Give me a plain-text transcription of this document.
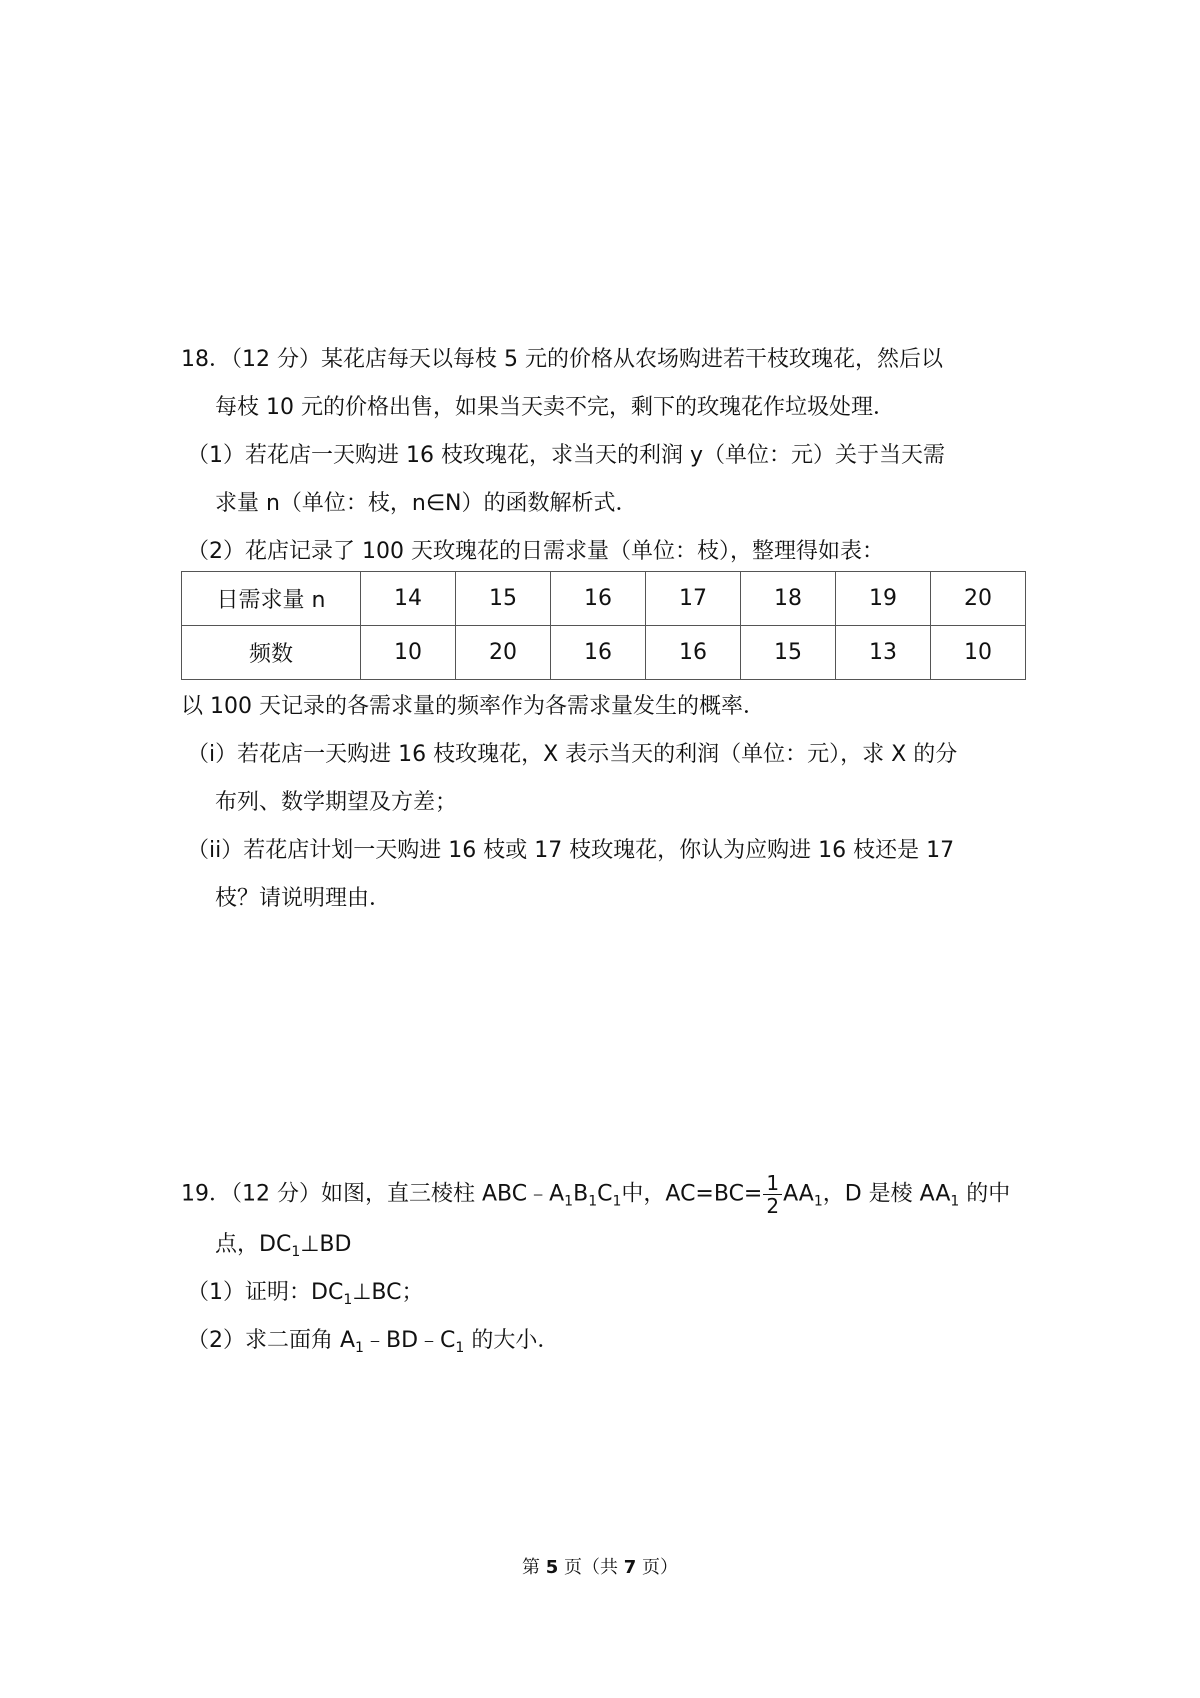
18．（12 分）某花店每天以每枝 5 元的价格从农场购进若干枝玫瑰花，然后以
每枝 10 元的价格出售，如果当天卖不完，剩下的玫瑰花作垃圾处理．
（1）若花店一天购进 16 枝玫瑰花，求当天的利润 y（单位：元）关于当天需
求量 n（单位：枝，n∈N）的函数解析式．
（2）花店记录了 100 天玫瑰花的日需求量（单位：枝），整理得如表：
日需求量 n	14	15	16	17	18	19	20
频数	10	20	16	16	15	13	10
以 100 天记录的各需求量的频率作为各需求量发生的概率．
（i）若花店一天购进 16 枝玫瑰花，X 表示当天的利润（单位：元），求 X 的分
布列、数学期望及方差；
（ii）若花店计划一天购进 16 枝或 17 枝玫瑰花，你认为应购进 16 枝还是 17
枝？请说明理由．
19．（12 分）如图，直三棱柱 $ABC﹣A_1B_1C_1$中，$AC=BC= \frac{1}{2} AA_1$，D 是棱 $AA_1$ 的中
点，$DC_1\perp BD$
（1）证明：$DC_1\perp BC$；
（2）求二面角 $A_1﹣BD﹣C_1$ 的大小．
第 5 页（共 7 页）
